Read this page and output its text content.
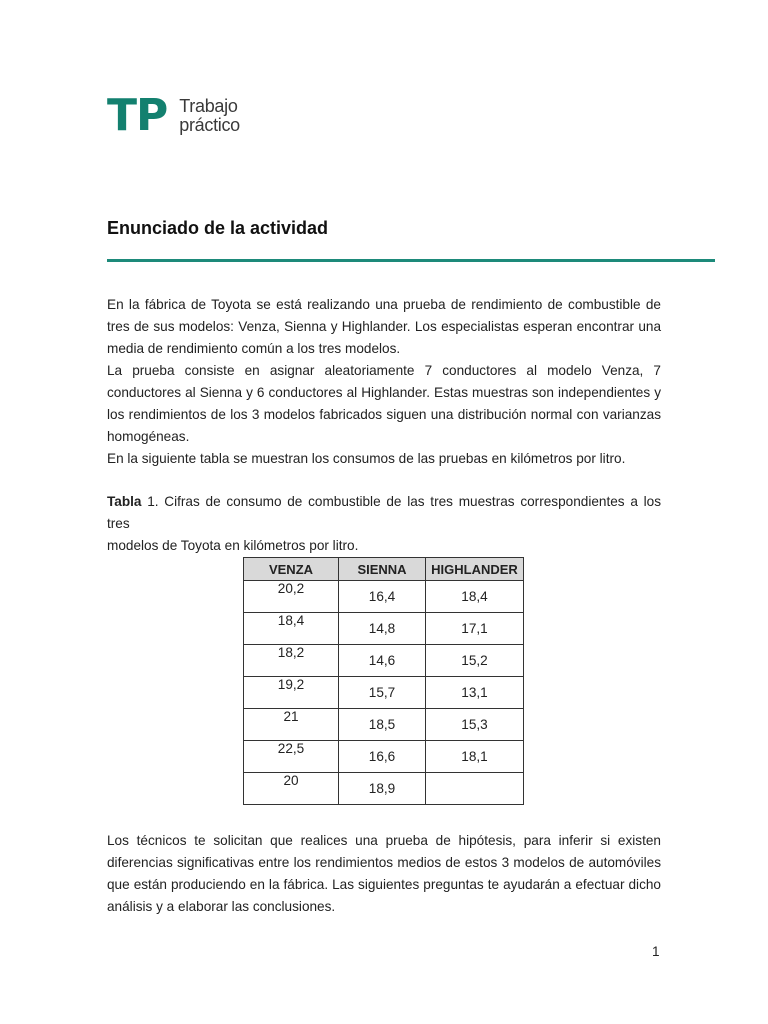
TP Trabajo
práctico
Enunciado de la actividad
En la fábrica de Toyota se está realizando una prueba de rendimiento de combustible de
tres de sus modelos: Venza, Sienna y Highlander. Los especialistas esperan encontrar una
media de rendimiento común a los tres modelos.
La prueba consiste en asignar aleatoriamente 7 conductores al modelo Venza, 7
conductores al Sienna y 6 conductores al Highlander. Estas muestras son independientes y
los rendimientos de los 3 modelos fabricados siguen una distribución normal con varianzas
homogéneas.
En la siguiente tabla se muestran los consumos de las pruebas en kilómetros por litro.
Tabla 1. Cifras de consumo de combustible de las tres muestras correspondientes a los tres
modelos de Toyota en kilómetros por litro.
VENZA	SIENNA	HIGHLANDER
20,2	16,4	18,4
18,4	14,8	17,1
18,2	14,6	15,2
19,2	15,7	13,1
21	18,5	15,3
22,5	16,6	18,1
20	18,9	
Los técnicos te solicitan que realices una prueba de hipótesis, para inferir si existen
diferencias significativas entre los rendimientos medios de estos 3 modelos de automóviles
que están produciendo en la fábrica. Las siguientes preguntas te ayudarán a efectuar dicho
análisis y a elaborar las conclusiones.
1
